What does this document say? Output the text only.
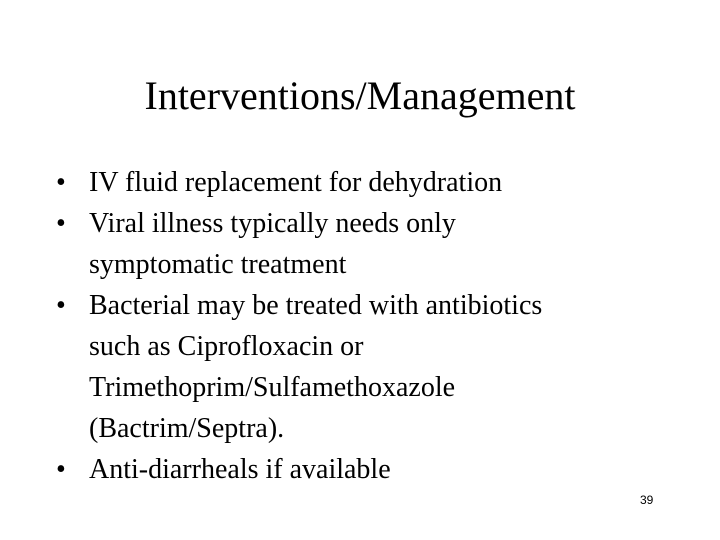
Interventions/Management
• IV fluid replacement for dehydration
• Viral illness typically needs only
symptomatic treatment
• Bacterial may be treated with antibiotics
such as Ciprofloxacin or
Trimethoprim/Sulfamethoxazole
(Bactrim/Septra).
• Anti-diarrheals if available
39
